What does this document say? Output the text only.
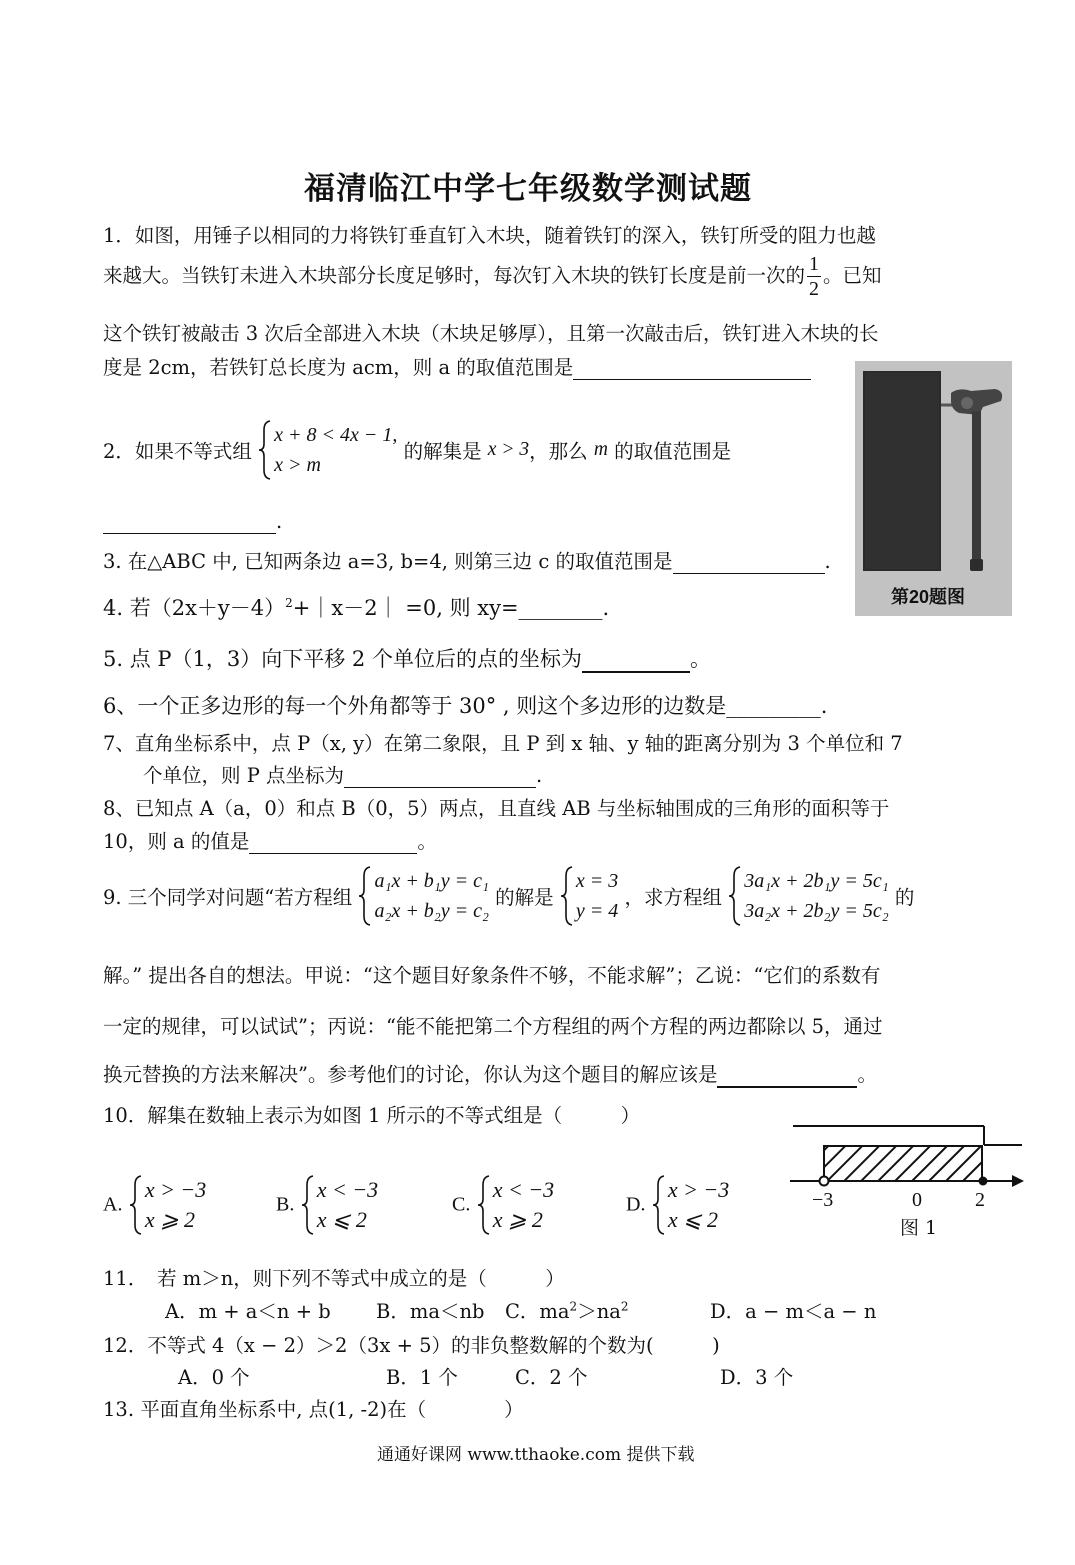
福清临江中学七年级数学测试题
1．如图，用锤子以相同的力将铁钉垂直钉入木块，随着铁钉的深入，铁钉所受的阻力也越
来越大。当铁钉未进入木块部分长度足够时，每次钉入木块的铁钉长度是前一次的 $\frac{1}{2}$ 。已知
这个铁钉被敲击 3 次后全部进入木块（木块足够厚），且第一次敲击后，铁钉进入木块的长
度是 2cm，若铁钉总长度为 acm，则 a 的取值范围是
第20题图
2．如果不等式组
x + 8 < 4x − 1,
x > m
的解集是 x > 3，那么 m 的取值范围是
.
3. 在△ABC 中, 已知两条边 a=3, b=4, 则第三边 c 的取值范围是	.
4. 若$(2x+y-4)^2+|x-2| =0$, 则 xy=________.
5. 点 P（1，3）向下平移 2 个单位后的点的坐标为	。
6、一个正多边形的每一个外角都等于 30° , 则这个多边形的边数是_________.
7、直角坐标系中，点 P（x, y）在第二象限，且 P 到 x 轴、y 轴的距离分别为 3 个单位和 7
个单位，则 P 点坐标为	.
8、已知点 A（a，0）和点 B（0，5）两点，且直线 AB 与坐标轴围成的三角形的面积等于
10，则 a 的值是	。
9. 三个同学对问题“若方程组
a₁x + b₁y = c₁
a₂x + b₂y = c₂
的解是
x = 3
y = 4
，求方程组
3a₁x + 2b₁y = 5c₁
3a₂x + 2b₂y = 5c₂
的
解。” 提出各自的想法。甲说：“这个题目好象条件不够，不能求解”；乙说：“它们的系数有
一定的规律，可以试试”；丙说：“能不能把第二个方程组的两个方程的两边都除以 5，通过
换元替换的方法来解决”。参考他们的讨论，你认为这个题目的解应该是	。
10．解集在数轴上表示为如图 1 所示的不等式组是（　　　）
A.
x > −3
x ⩾ 2
B.
x < −3
x ⩽ 2
C.
x < −3
x ⩾ 2
D.
x > −3
x ⩽ 2
−3	0	2
图 1
11．　若 m＞n，则下列不等式中成立的是（　　　）
A．m + a＜n + b B．ma＜nb C．$ma^2>na^2$	D．a − m＜a − n
12．不等式 4（x − 2）＞2（3x + 5）的非负整数解的个数为(　　　)
A．0 个	B．1 个	C．2 个	D．3 个
13. 平面直角坐标系中, 点(1, -2)在（　　　　）
通通好课网 www.tthaoke.com 提供下载
